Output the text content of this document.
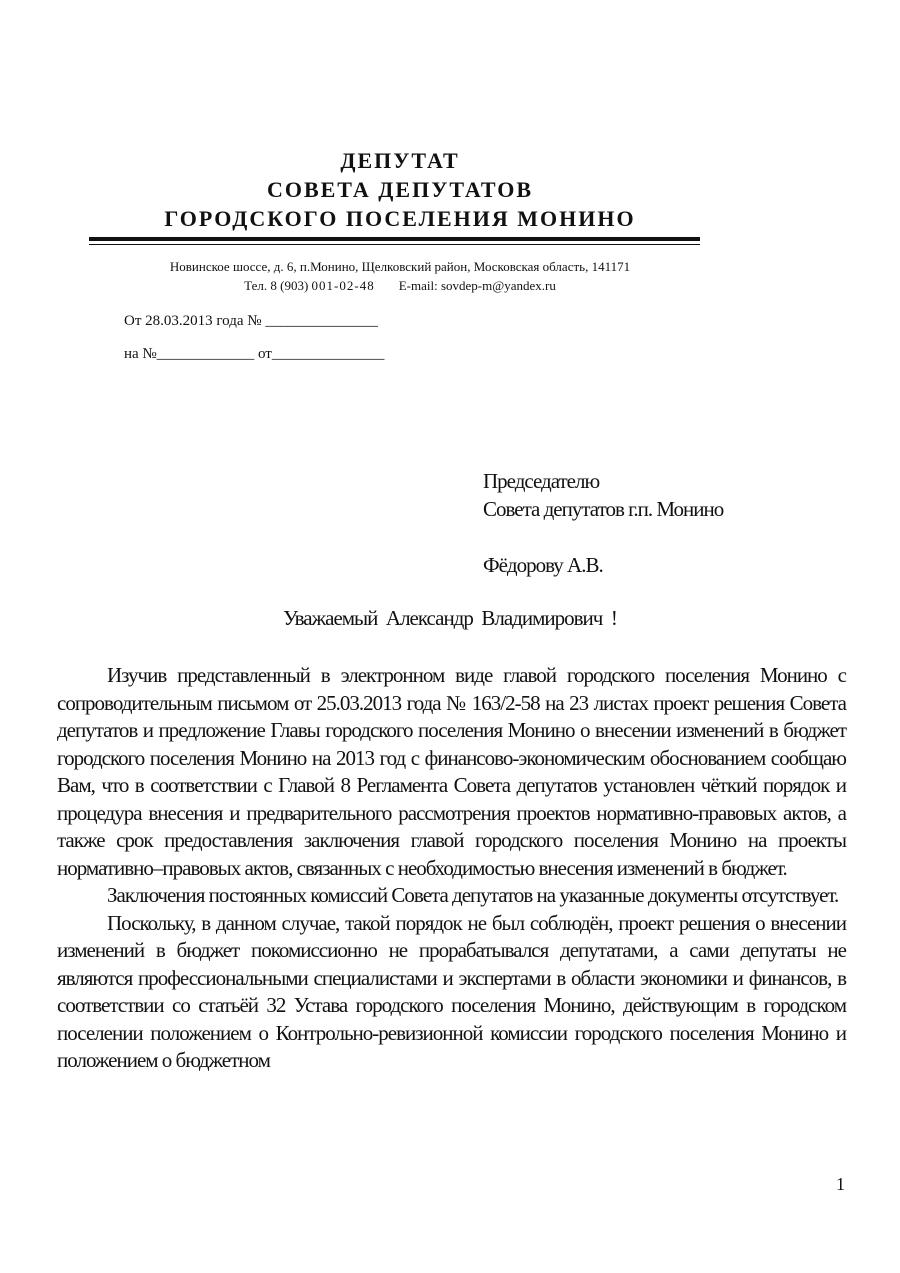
ДЕПУТАТ
СОВЕТА ДЕПУТАТОВ
ГОРОДСКОГО ПОСЕЛЕНИЯ МОНИНО
Новинское шоссе, д. 6, п.Монино, Щелковский район, Московская область, 141171
Тел. 8 (903) 001-02-48 E-mail: sovdep-m@yandex.ru
От 28.03.2013 года № _______________
на №_____________ от_______________
Председателю
Совета депутатов г.п. Монино
Фёдорову А.В.
Уважаемый  Александр  Владимирович  !

Изучив представленный в электронном виде главой городского поселения Монино с сопроводительным письмом от 25.03.2013 года № 163/2-58 на 23 листах проект решения Совета депутатов и предложение Главы городского поселения Монино о внесении изменений в бюджет городского поселения Монино на 2013 год с финансово-экономическим обоснованием сообщаю Вам, что в соответствии с Главой 8 Регламента Совета депутатов установлен чёткий порядок и процедура внесения и предварительного рассмотрения проектов нормативно-правовых актов, а также срок предоставления заключения главой городского поселения Монино на проекты нормативно–правовых актов, связанных с необходимостью внесения изменений в бюджет.

Заключения постоянных комиссий Совета депутатов на указанные документы отсутствует.

Поскольку, в данном случае, такой порядок не был соблюдён, проект решения о внесении изменений в бюджет покомиссионно не прорабатывался депутатами, а сами депутаты не являются профессиональными специалистами и экспертами в области экономики и финансов, в соответствии со статьёй 32 Устава городского поселения Монино, действующим в городском поселении положением о Контрольно-ревизионной комиссии городского поселения Монино и положением о бюджетном

1
